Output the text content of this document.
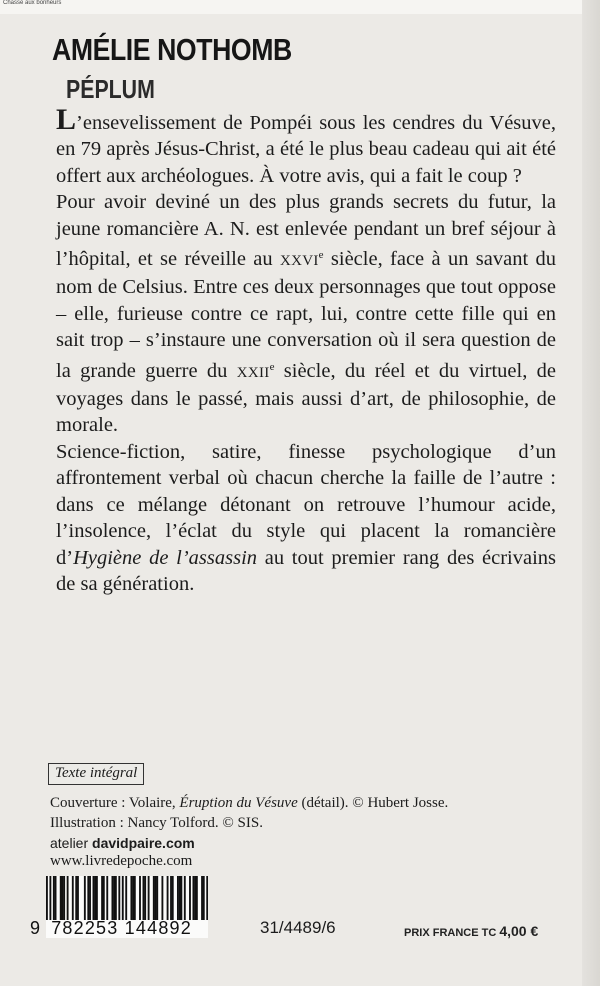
Chasse aux bonheurs
AMÉLIE NOTHOMB
PÉPLUM

L’ensevelissement de Pompéi sous les cendres du Vésuve, en 79 après Jésus-Christ, a été le plus beau cadeau qui ait été offert aux archéologues. À votre avis, qui a fait le coup ?

Pour avoir deviné un des plus grands secrets du futur, la jeune romancière A. N. est enlevée pendant un bref séjour à l’hôpital, et se réveille au XXVIe siècle, face à un savant du nom de Celsius. Entre ces deux personnages que tout oppose – elle, furieuse contre ce rapt, lui, contre cette fille qui en sait trop – s’instaure une conversation où il sera question de la grande guerre du XXIIe siècle, du réel et du virtuel, de voyages dans le passé, mais aussi d’art, de philosophie, de morale.

Science-fiction, satire, finesse psychologique d’un affrontement verbal où chacun cherche la faille de l’autre : dans ce mélange détonant on retrouve l’humour acide, l’insolence, l’éclat du style qui placent la romancière d’Hygiène de l’assassin au tout premier rang des écrivains de sa génération.

Texte intégral
Couverture : Volaire, Éruption du Vésuve (détail). © Hubert Josse.
Illustration : Nancy Tolford. © SIS.
atelier davidpaire.com
www.livredepoche.com
9 782253 144892	31/4489/6	PRIX FRANCE TC 4,00 €
